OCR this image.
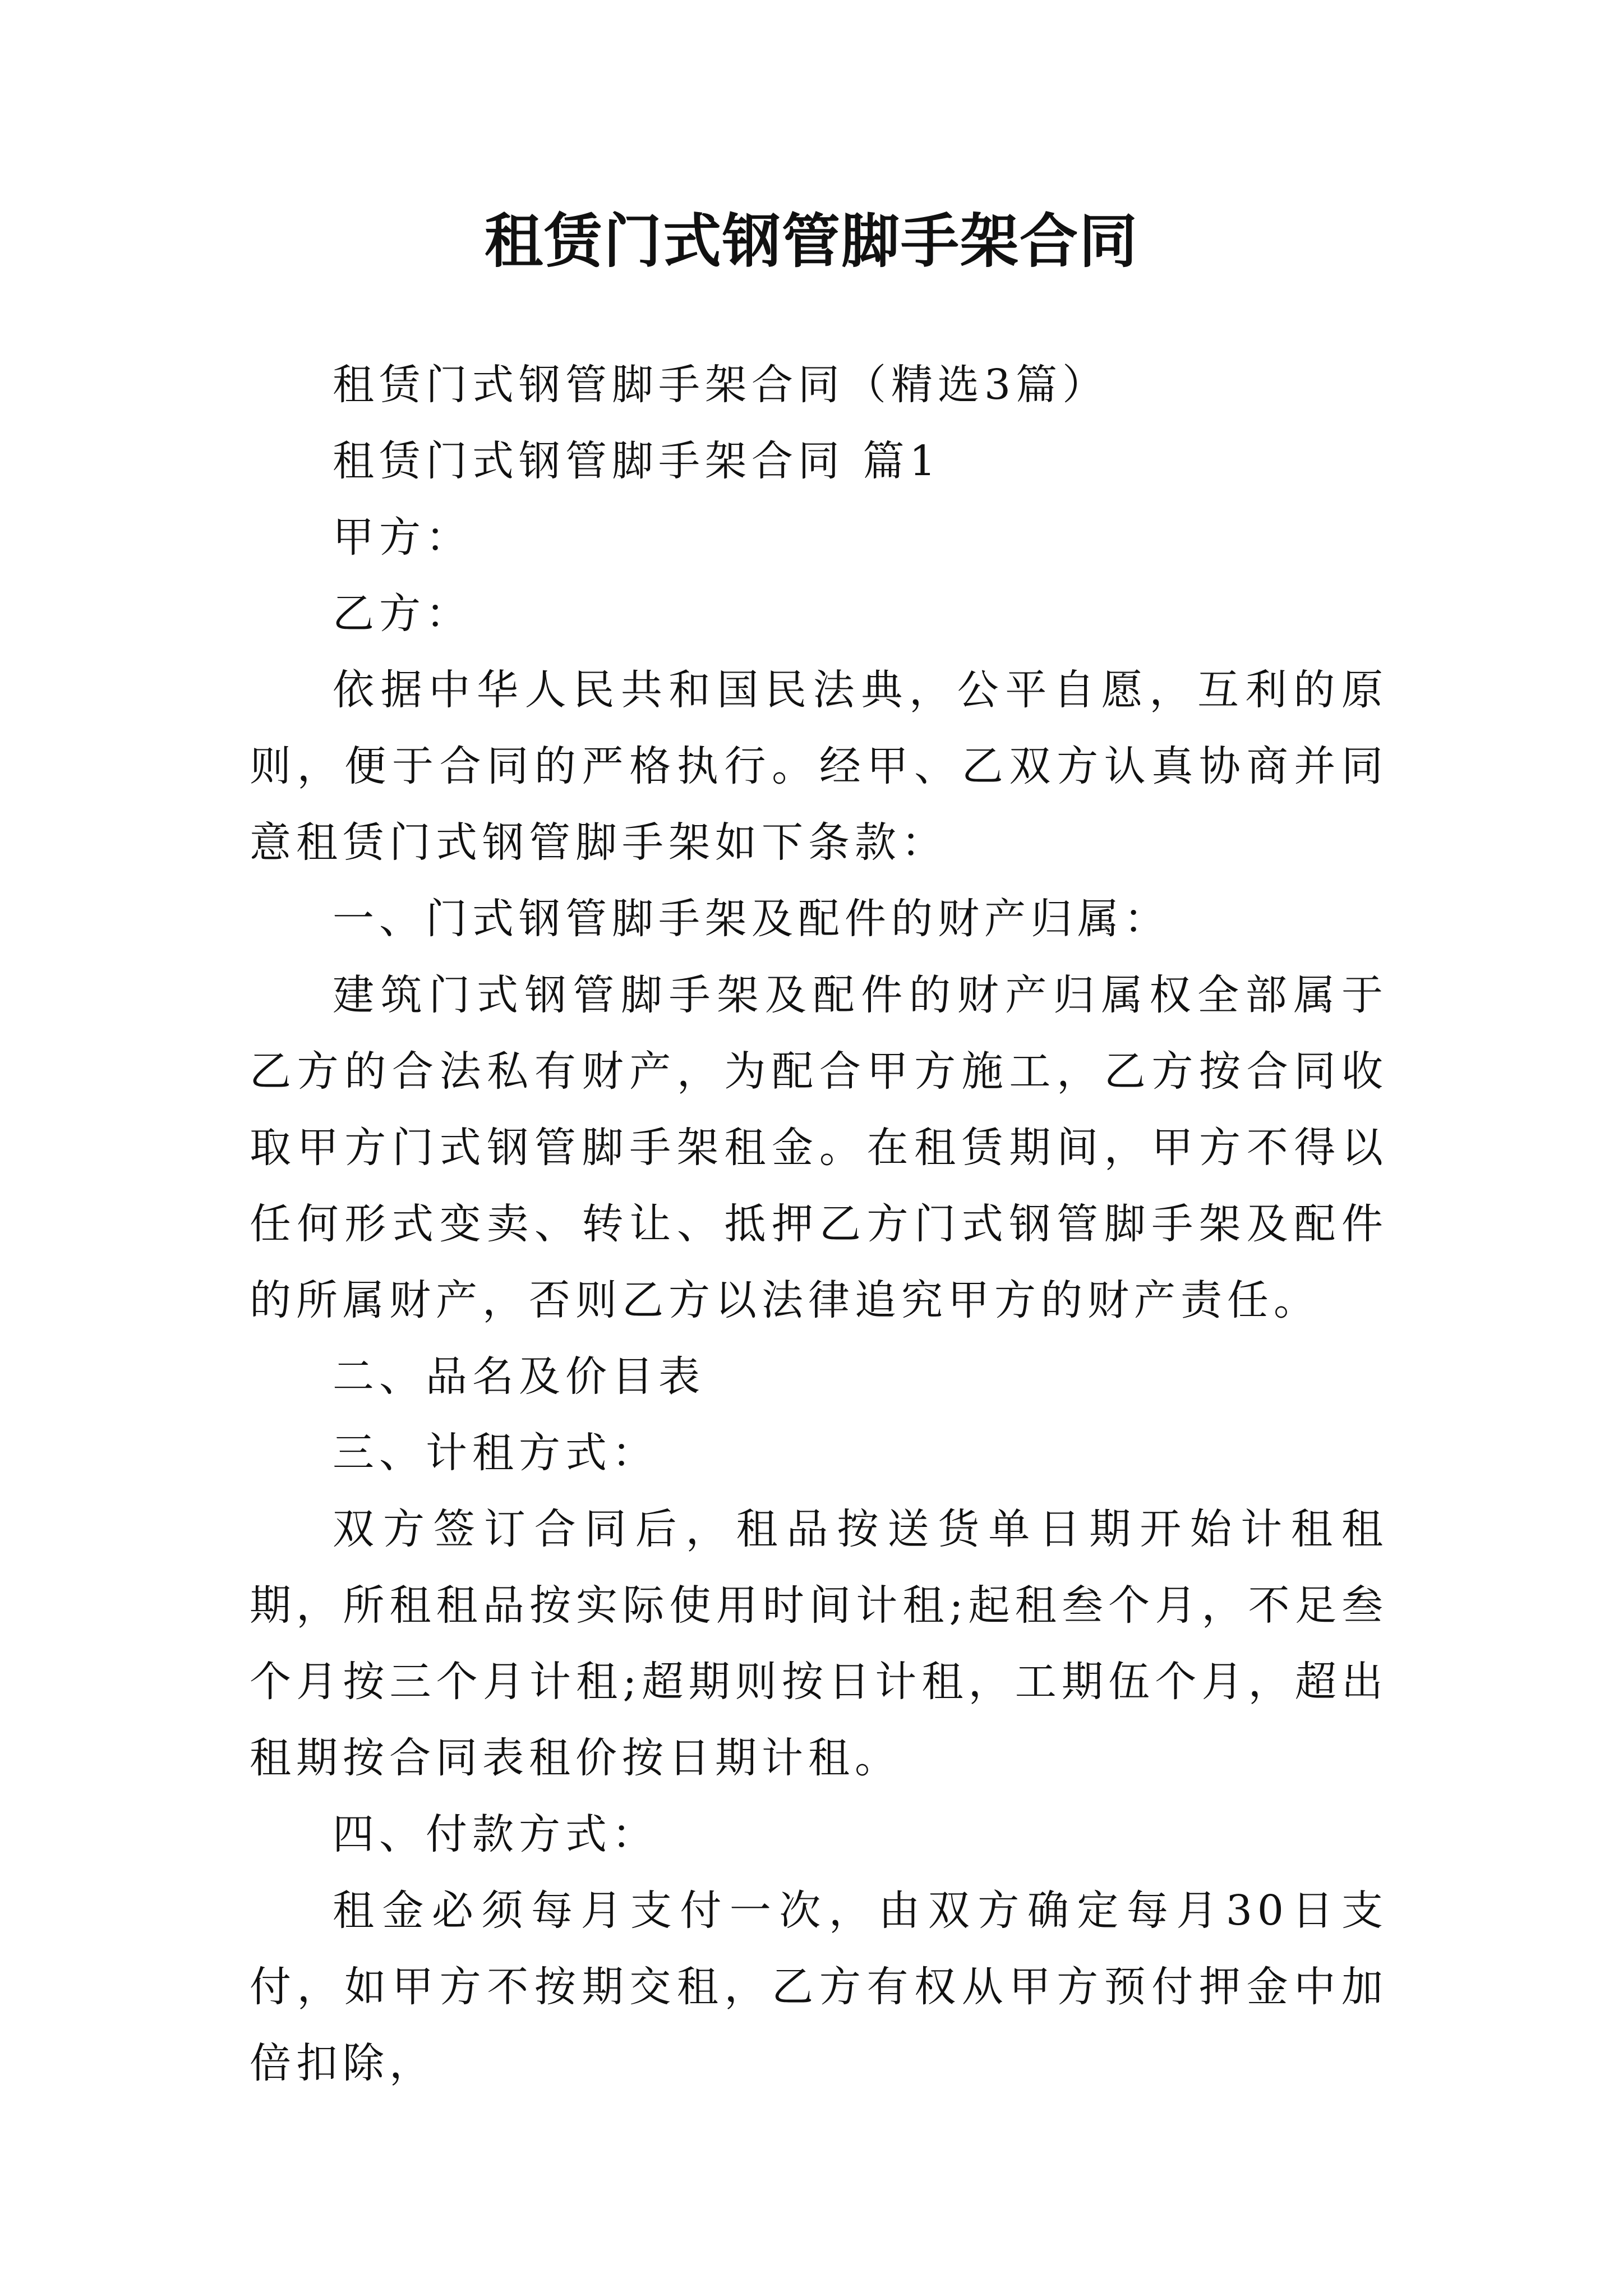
租赁门式钢管脚手架合同

租赁门式钢管脚手架合同（精选3篇）

租赁门式钢管脚手架合同 篇1

甲方：

乙方：

依据中华人民共和国民法典，公平自愿，互利的原则，便于合同的严格执行。经甲、乙双方认真协商并同意租赁门式钢管脚手架如下条款：

一、门式钢管脚手架及配件的财产归属：

建筑门式钢管脚手架及配件的财产归属权全部属于乙方的合法私有财产，为配合甲方施工，乙方按合同收取甲方门式钢管脚手架租金。在租赁期间，甲方不得以任何形式变卖、转让、抵押乙方门式钢管脚手架及配件的所属财产，否则乙方以法律追究甲方的财产责任。

二、品名及价目表

三、计租方式：

双方签订合同后，租品按送货单日期开始计租租期，所租租品按实际使用时间计租;起租叁个月，不足叁个月按三个月计租;超期则按日计租，工期伍个月，超出租期按合同表租价按日期计租。

四、付款方式：

租金必须每月支付一次，由双方确定每月30日支付，如甲方不按期交租，乙方有权从甲方预付押金中加倍扣除，
